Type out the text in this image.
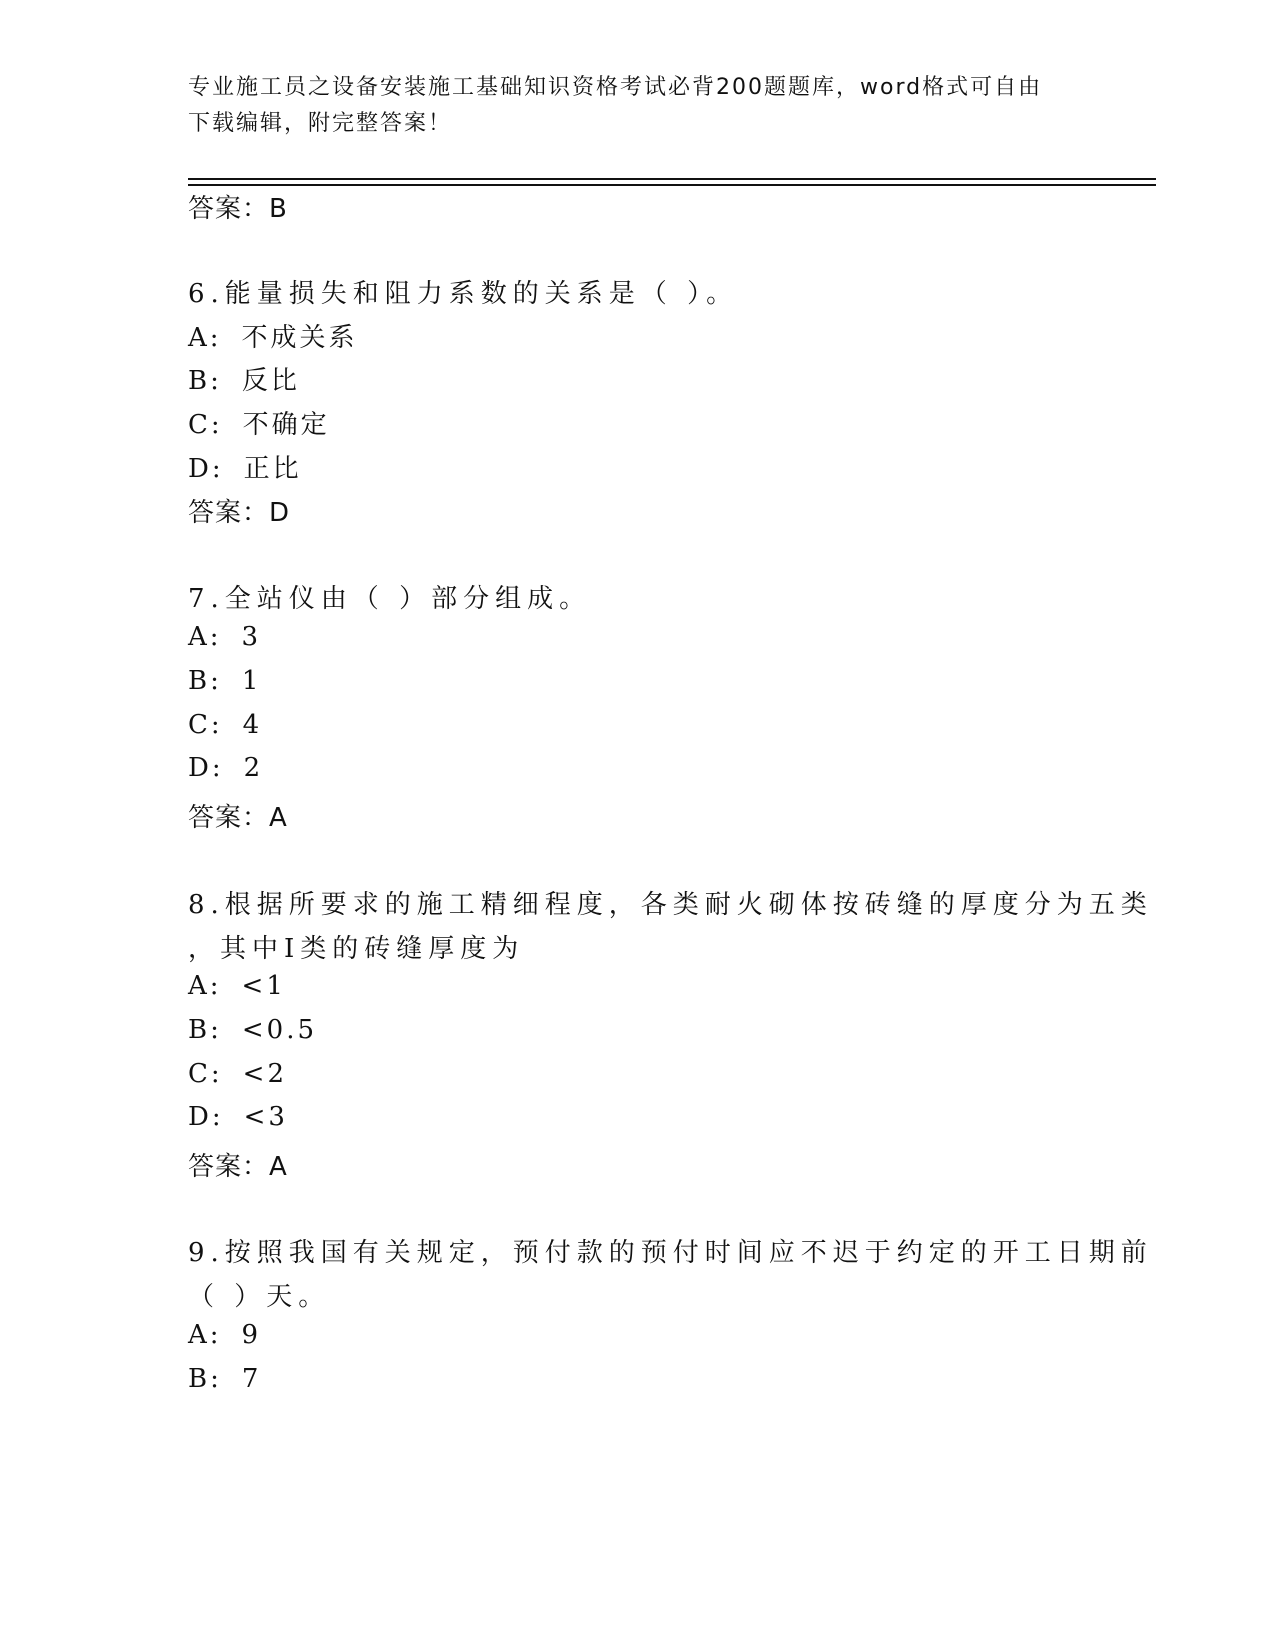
专业施工员之设备安装施工基础知识资格考试必背200题题库，word格式可自由
下载编辑，附完整答案！
答案：B
6.能量损失和阻力系数的关系是（ ）。
A: 不成关系
B: 反比
C: 不确定
D: 正比
答案：D
7.全站仪由（ ）部分组成。
A: 3
B: 1
C: 4
D: 2
答案：A
8.根据所要求的施工精细程度，各类耐火砌体按砖缝的厚度分为五类
，其中Ⅰ类的砖缝厚度为
A: <1
B: <0.5
C: <2
D: <3
答案：A
9.按照我国有关规定，预付款的预付时间应不迟于约定的开工日期前
（ ）天。
A: 9
B: 7
